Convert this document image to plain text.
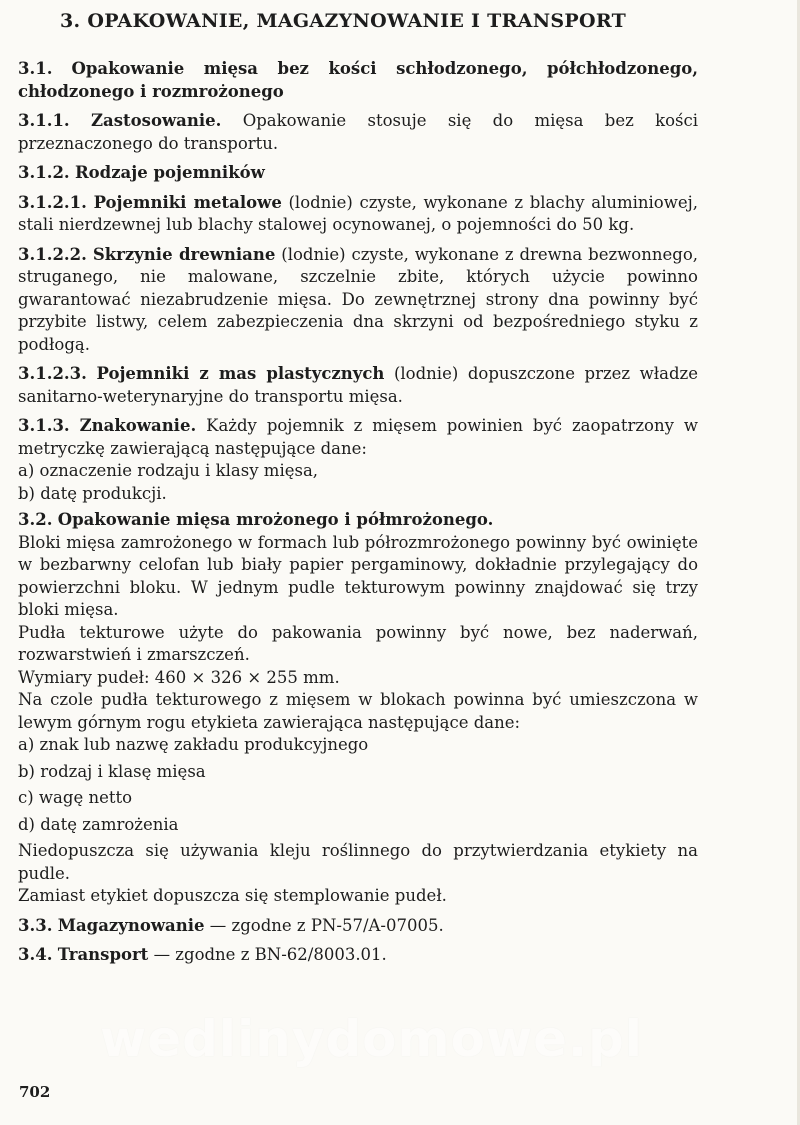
3. OPAKOWANIE, MAGAZYNOWANIE I TRANSPORT

3.1. Opakowanie mięsa bez kości schłodzonego, półchłodzonego, chłodzonego i rozmrożonego

3.1.1. Zastosowanie. Opakowanie stosuje się do mięsa bez kości przeznaczonego do transportu.

3.1.2. Rodzaje pojemników

3.1.2.1. Pojemniki metalowe (lodnie) czyste, wykonane z blachy aluminiowej, stali nierdzewnej lub blachy stalowej ocynowanej, o pojemności do 50 kg.

3.1.2.2. Skrzynie drewniane (lodnie) czyste, wykonane z drewna bezwonnego, struganego, nie malowane, szczelnie zbite, których użycie powinno gwarantować niezabrudzenie mięsa. Do zewnętrznej strony dna powinny być przybite listwy, celem zabezpieczenia dna skrzyni od bezpośredniego styku z podłogą.

3.1.2.3. Pojemniki z mas plastycznych (lodnie) dopuszczone przez władze sanitarno-weterynaryjne do transportu mięsa.

3.1.3. Znakowanie. Każdy pojemnik z mięsem powinien być zaopatrzony w metryczkę zawierającą następujące dane:

a) oznaczenie rodzaju i klasy mięsa,
b) datę produkcji.

3.2. Opakowanie mięsa mrożonego i półmrożonego.

Bloki mięsa zamrożonego w formach lub półrozmrożonego powinny być owinięte w bezbarwny celofan lub biały papier pergaminowy, dokładnie przylegający do powierzchni bloku. W jednym pudle tekturowym powinny znajdować się trzy bloki mięsa.

Pudła tekturowe użyte do pakowania powinny być nowe, bez naderwań, rozwarstwień i zmarszczeń.

Wymiary pudeł: 460 × 326 × 255 mm.

Na czole pudła tekturowego z mięsem w blokach powinna być umieszczona w lewym górnym rogu etykieta zawierająca następujące dane:

a) znak lub nazwę zakładu produkcyjnego
b) rodzaj i klasę mięsa
c) wagę netto
d) datę zamrożenia

Niedopuszcza się używania kleju roślinnego do przytwierdzania etykiety na pudle.

Zamiast etykiet dopuszcza się stemplowanie pudeł.

3.3. Magazynowanie — zgodne z PN-57/A-07005.

3.4. Transport — zgodne z BN-62/8003.01.

wedlinydomowe.pl
702
